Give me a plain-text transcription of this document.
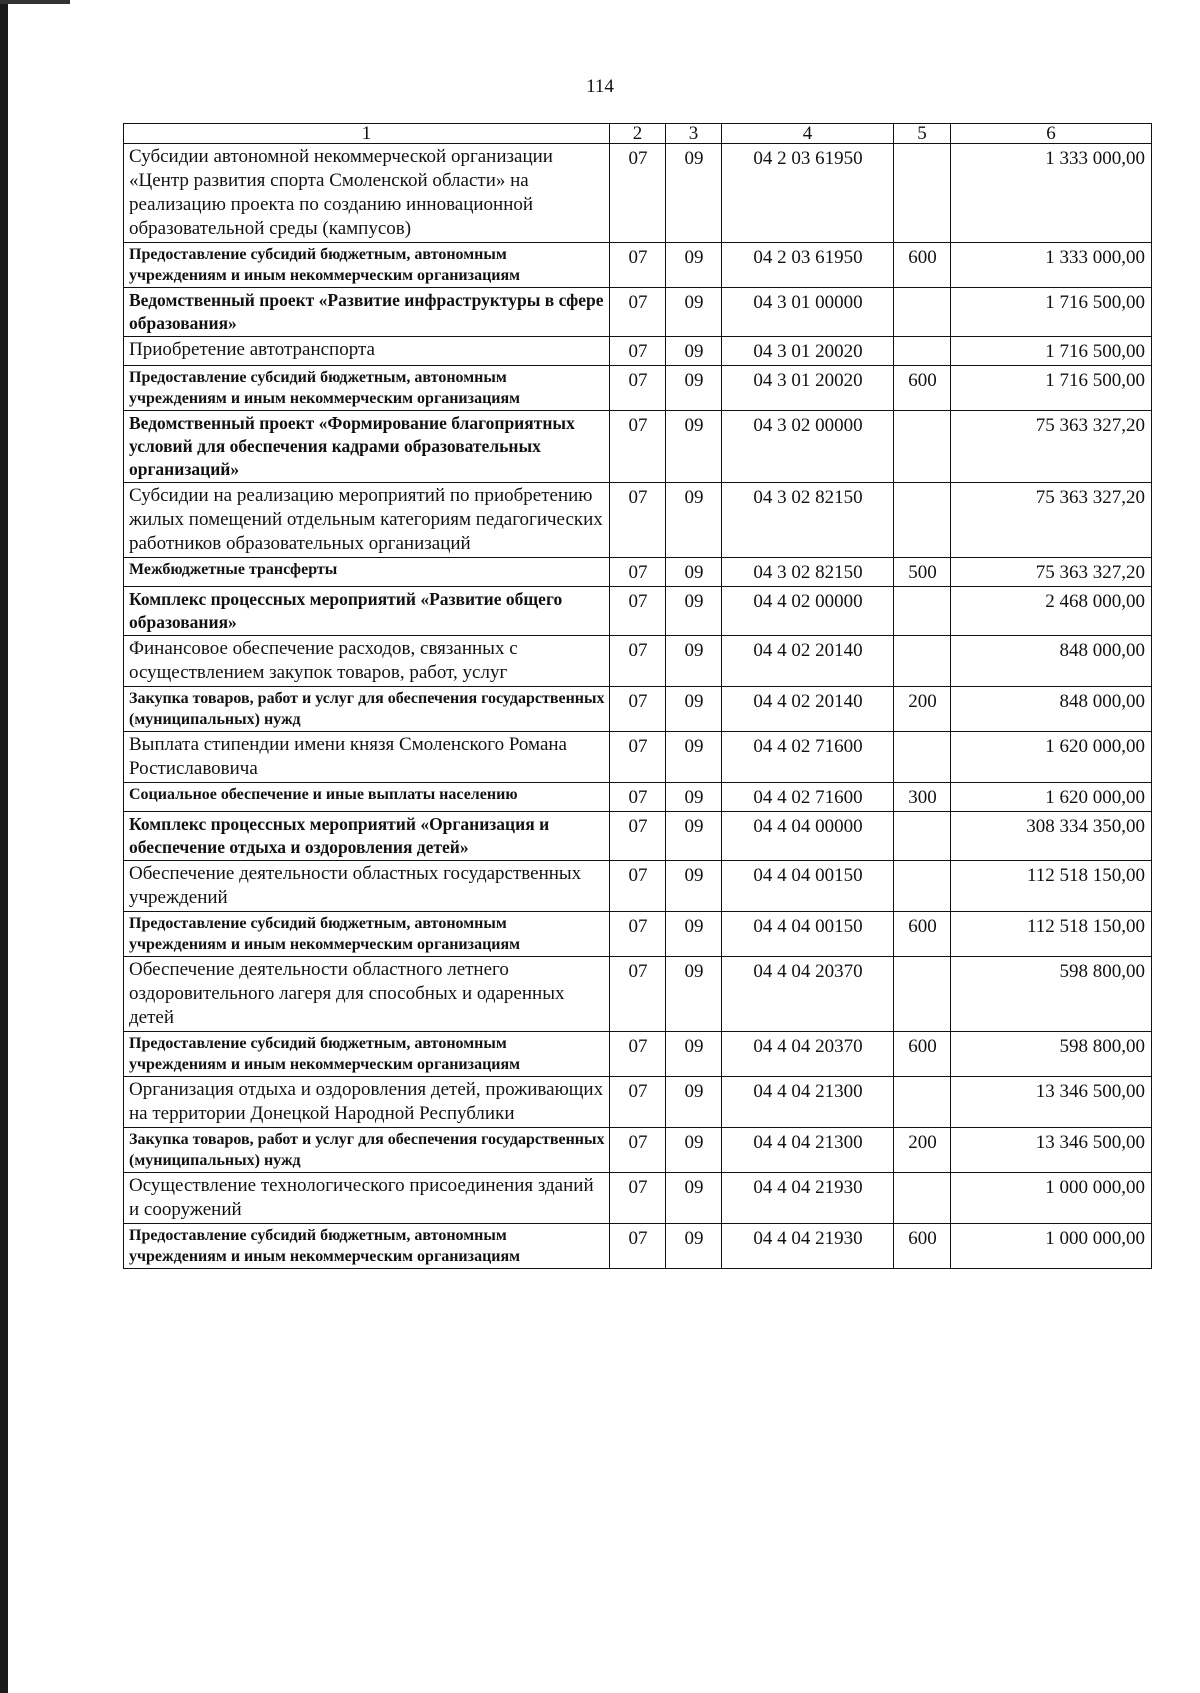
114
1	2	3	4	5	6
Субсидии автономной некоммерческой организации «Центр развития спорта Смоленской области» на реализацию проекта по созданию инновационной образовательной среды (кампусов)	07	09	04 2 03 61950		1 333 000,00
Предоставление субсидий бюджетным, автономным учреждениям и иным некоммерческим организациям	07	09	04 2 03 61950	600	1 333 000,00
Ведомственный проект «Развитие инфраструктуры в сфере образования»	07	09	04 3 01 00000		1 716 500,00
Приобретение автотранспорта	07	09	04 3 01 20020		1 716 500,00
Предоставление субсидий бюджетным, автономным учреждениям и иным некоммерческим организациям	07	09	04 3 01 20020	600	1 716 500,00
Ведомственный проект «Формирование благоприятных условий для обеспечения кадрами образовательных организаций»	07	09	04 3 02 00000		75 363 327,20
Субсидии на реализацию мероприятий по приобретению жилых помещений отдельным категориям педагогических работников образовательных организаций	07	09	04 3 02 82150		75 363 327,20
Межбюджетные трансферты	07	09	04 3 02 82150	500	75 363 327,20
Комплекс процессных мероприятий «Развитие общего образования»	07	09	04 4 02 00000		2 468 000,00
Финансовое обеспечение расходов, связанных с осуществлением закупок товаров, работ, услуг	07	09	04 4 02 20140		848 000,00
Закупка товаров, работ и услуг для обеспечения государственных (муниципальных) нужд	07	09	04 4 02 20140	200	848 000,00
Выплата стипендии имени князя Смоленского Романа Ростиславовича	07	09	04 4 02 71600		1 620 000,00
Социальное обеспечение и иные выплаты населению	07	09	04 4 02 71600	300	1 620 000,00
Комплекс процессных мероприятий «Организация и обеспечение отдыха и оздоровления детей»	07	09	04 4 04 00000		308 334 350,00
Обеспечение деятельности областных государственных учреждений	07	09	04 4 04 00150		112 518 150,00
Предоставление субсидий бюджетным, автономным учреждениям и иным некоммерческим организациям	07	09	04 4 04 00150	600	112 518 150,00
Обеспечение деятельности областного летнего оздоровительного лагеря для способных и одаренных детей	07	09	04 4 04 20370		598 800,00
Предоставление субсидий бюджетным, автономным учреждениям и иным некоммерческим организациям	07	09	04 4 04 20370	600	598 800,00
Организация отдыха и оздоровления детей, проживающих на территории Донецкой Народной Республики	07	09	04 4 04 21300		13 346 500,00
Закупка товаров, работ и услуг для обеспечения государственных (муниципальных) нужд	07	09	04 4 04 21300	200	13 346 500,00
Осуществление технологического присоединения зданий и сооружений	07	09	04 4 04 21930		1 000 000,00
Предоставление субсидий бюджетным, автономным учреждениям и иным некоммерческим организациям	07	09	04 4 04 21930	600	1 000 000,00
